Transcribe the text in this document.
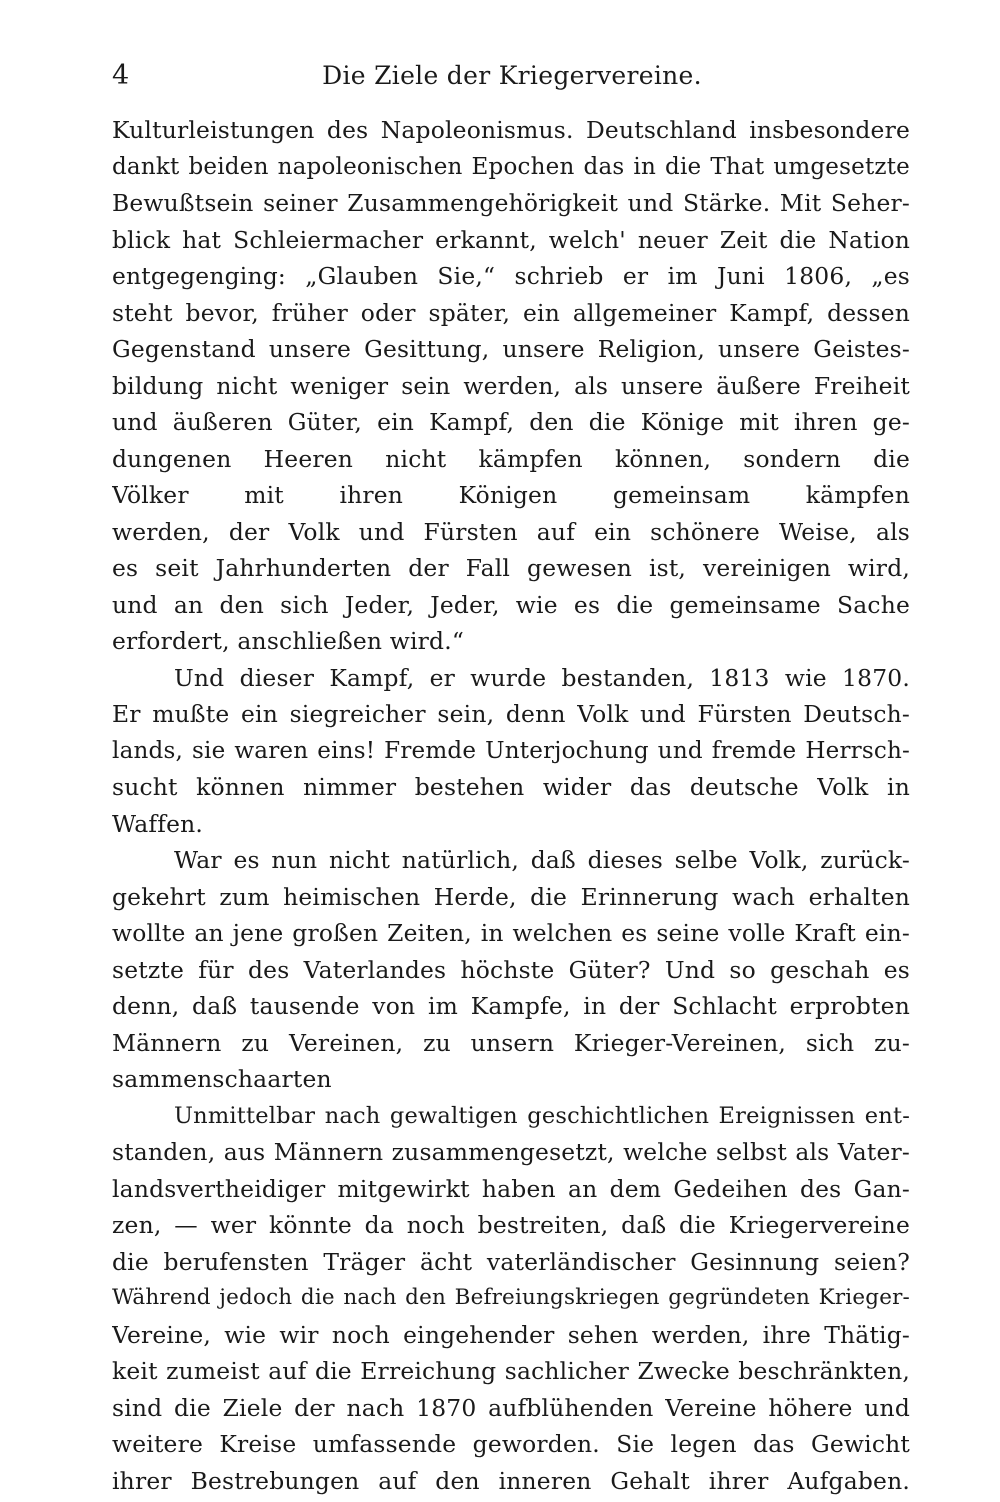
4	Die Ziele der Kriegervereine.
Kulturleistungen des Napoleonismus. Deutschland insbesondere
dankt beiden napoleonischen Epochen das in die That umgesetzte
Bewußtsein seiner Zusammengehörigkeit und Stärke. Mit Seher-
blick hat Schleiermacher erkannt, welch' neuer Zeit die Nation
entgegenging: „Glauben Sie,“ schrieb er im Juni 1806, „es
steht bevor, früher oder später, ein allgemeiner Kampf, dessen
Gegenstand unsere Gesittung, unsere Religion, unsere Geistes-
bildung nicht weniger sein werden, als unsere äußere Freiheit
und äußeren Güter, ein Kampf, den die Könige mit ihren ge-
dungenen Heeren nicht kämpfen können, sondern die
Völker mit ihren Königen gemeinsam kämpfen
werden, der Volk und Fürsten auf ein schönere Weise, als
es seit Jahrhunderten der Fall gewesen ist, vereinigen wird,
und an den sich Jeder, Jeder, wie es die gemeinsame Sache
erfordert, anschließen wird.“
Und dieser Kampf, er wurde bestanden, 1813 wie 1870.
Er mußte ein siegreicher sein, denn Volk und Fürsten Deutsch-
lands, sie waren eins! Fremde Unterjochung und fremde Herrsch-
sucht können nimmer bestehen wider das deutsche Volk in
Waffen.
War es nun nicht natürlich, daß dieses selbe Volk, zurück-
gekehrt zum heimischen Herde, die Erinnerung wach erhalten
wollte an jene großen Zeiten, in welchen es seine volle Kraft ein-
setzte für des Vaterlandes höchste Güter? Und so geschah es
denn, daß tausende von im Kampfe, in der Schlacht erprobten
Männern zu Vereinen, zu unsern Krieger-Vereinen, sich zu-
sammenschaarten
Unmittelbar nach gewaltigen geschichtlichen Ereignissen ent-
standen, aus Männern zusammengesetzt, welche selbst als Vater-
landsvertheidiger mitgewirkt haben an dem Gedeihen des Gan-
zen, — wer könnte da noch bestreiten, daß die Kriegervereine
die berufensten Träger ächt vaterländischer Gesinnung seien?
Während jedoch die nach den Befreiungskriegen gegründeten Krieger-
Vereine, wie wir noch eingehender sehen werden, ihre Thätig-
keit zumeist auf die Erreichung sachlicher Zwecke beschränkten,
sind die Ziele der nach 1870 aufblühenden Vereine höhere und
weitere Kreise umfassende geworden. Sie legen das Gewicht
ihrer Bestrebungen auf den inneren Gehalt ihrer Aufgaben.
